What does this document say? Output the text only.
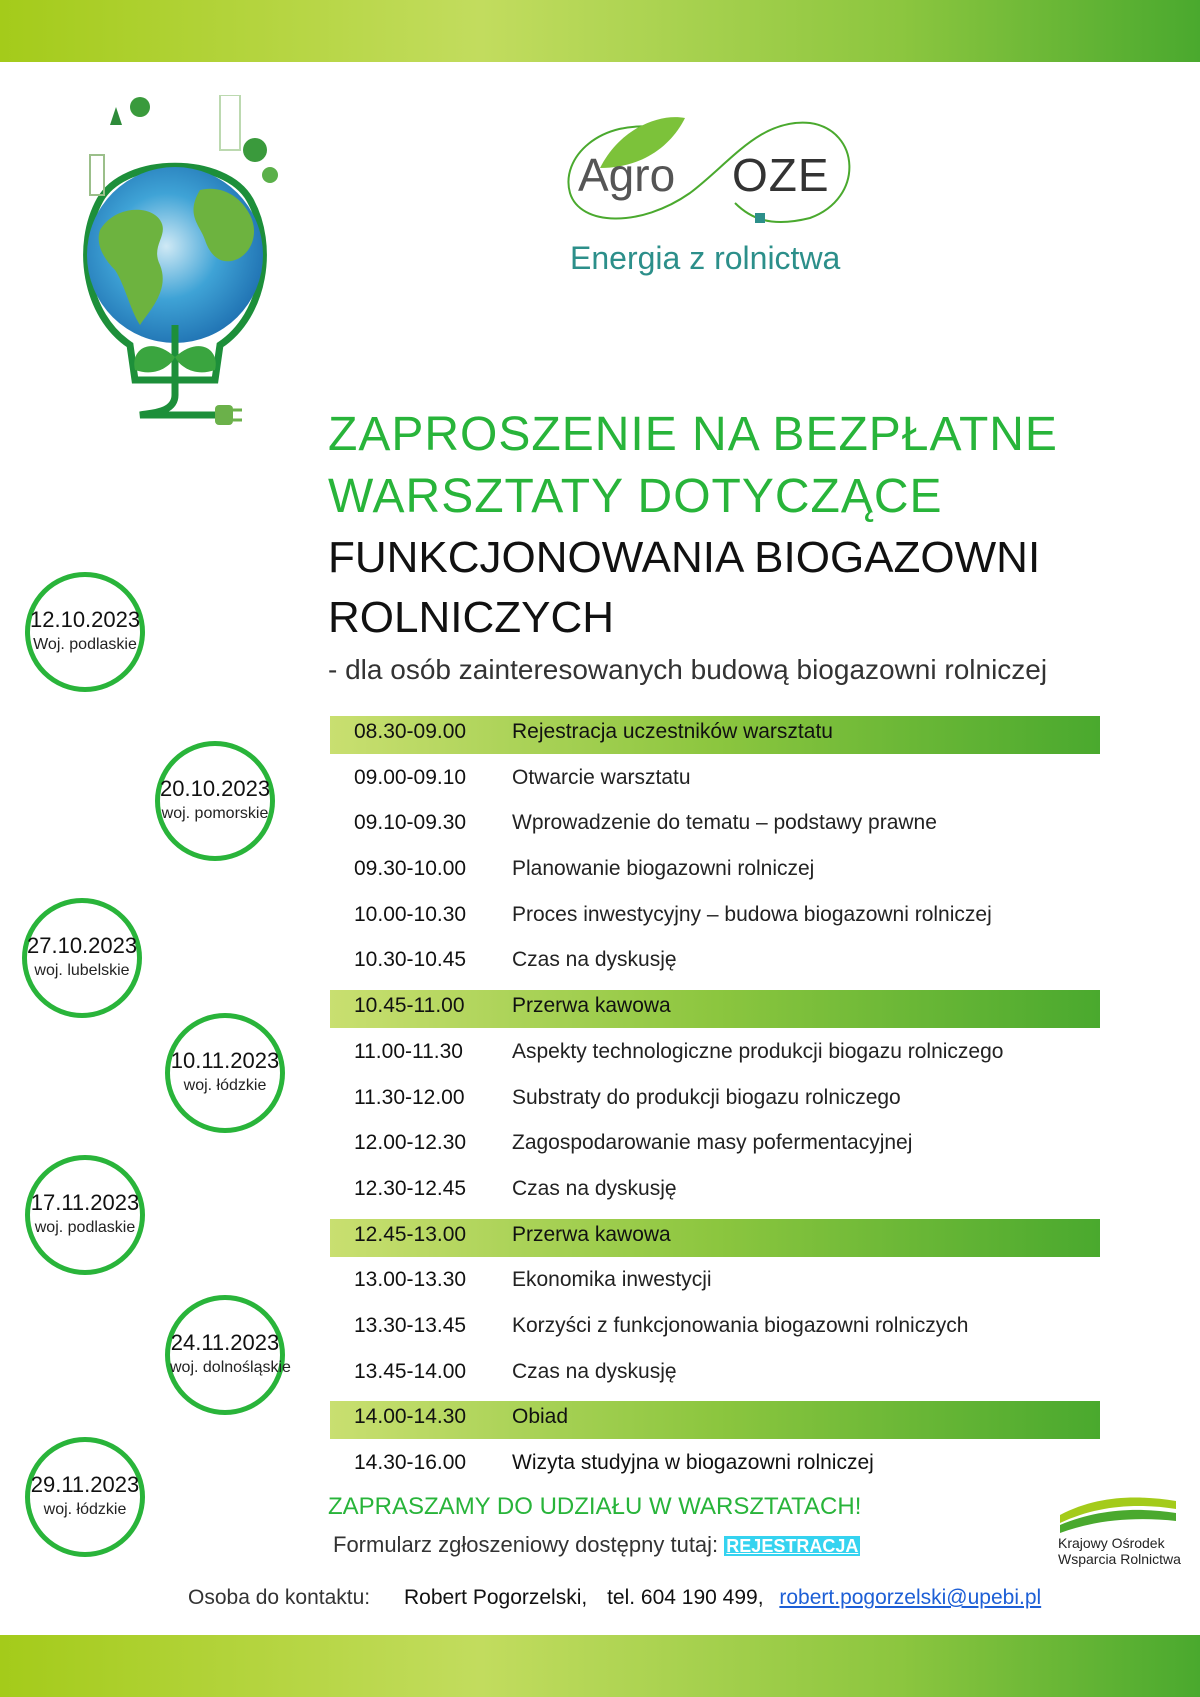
Agro OZE
Energia z rolnictwa
ZAPROSZENIE NA BEZPŁATNE
WARSZTATY DOTYCZĄCE
FUNKCJONOWANIA BIOGAZOWNI
ROLNICZYCH
- dla osób zainteresowanych budową biogazowni rolniczej
12.10.2023
Woj. podlaskie
20.10.2023
woj. pomorskie
27.10.2023
woj. lubelskie
10.11.2023
woj. łódzkie
17.11.2023
woj. podlaskie
24.11.2023
woj. dolnośląskie
29.11.2023
woj. łódzkie
08.30-09.00 Rejestracja uczestników warsztatu
09.00-09.10 Otwarcie warsztatu
09.10-09.30 Wprowadzenie do tematu – podstawy prawne
09.30-10.00 Planowanie biogazowni rolniczej
10.00-10.30 Proces inwestycyjny – budowa biogazowni rolniczej
10.30-10.45 Czas na dyskusję
10.45-11.00 Przerwa kawowa
11.00-11.30 Aspekty technologiczne produkcji biogazu rolniczego
11.30-12.00 Substraty do produkcji biogazu rolniczego
12.00-12.30 Zagospodarowanie masy pofermentacyjnej
12.30-12.45 Czas na dyskusję
12.45-13.00 Przerwa kawowa
13.00-13.30 Ekonomika inwestycji
13.30-13.45 Korzyści z funkcjonowania biogazowni rolniczych
13.45-14.00 Czas na dyskusję
14.00-14.30 Obiad
14.30-16.00 Wizyta studyjna w biogazowni rolniczej
ZAPRASZAMY DO UDZIAŁU W WARSZTATACH!
Formularz zgłoszeniowy dostępny tutaj: REJESTRACJA
Osoba do kontaktu: Robert Pogorzelski, tel. 604 190 499, robert.pogorzelski@upebi.pl
Krajowy Ośrodek
Wsparcia Rolnictwa
